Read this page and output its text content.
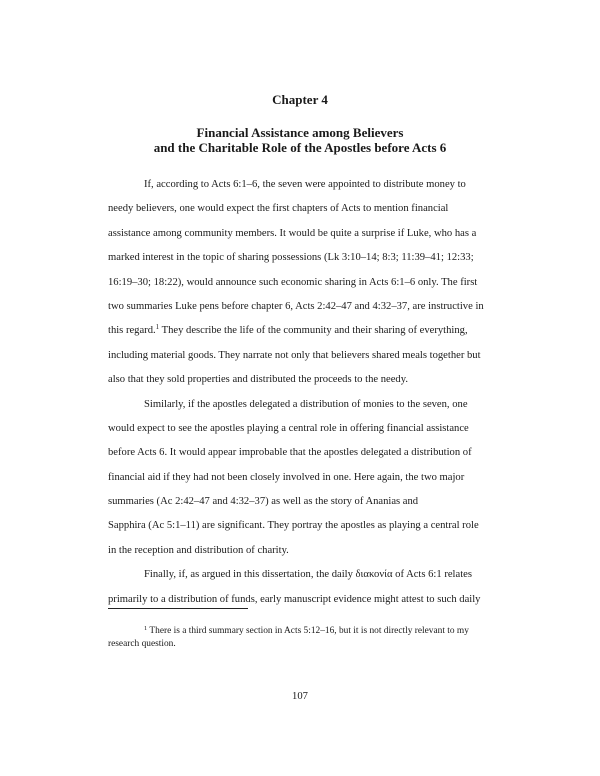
Chapter 4
Financial Assistance among Believers
and the Charitable Role of the Apostles before Acts 6
If, according to Acts 6:1–6, the seven were appointed to distribute money to
needy believers, one would expect the first chapters of Acts to mention financial
assistance among community members. It would be quite a surprise if Luke, who has a
marked interest in the topic of sharing possessions (Lk 3:10–14; 8:3; 11:39–41; 12:33;
16:19–30; 18:22), would announce such economic sharing in Acts 6:1–6 only. The first
two summaries Luke pens before chapter 6, Acts 2:42–47 and 4:32–37, are instructive in
this regard.$^1$ They describe the life of the community and their sharing of everything,
including material goods. They narrate not only that believers shared meals together but
also that they sold properties and distributed the proceeds to the needy.
Similarly, if the apostles delegated a distribution of monies to the seven, one
would expect to see the apostles playing a central role in offering financial assistance
before Acts 6. It would appear improbable that the apostles delegated a distribution of
financial aid if they had not been closely involved in one. Here again, the two major
summaries (Ac 2:42–47 and 4:32–37) as well as the story of Ananias and
Sapphira (Ac 5:1–11) are significant. They portray the apostles as playing a central role
in the reception and distribution of charity.
Finally, if, as argued in this dissertation, the daily διακονία of Acts 6:1 relates
primarily to a distribution of funds, early manuscript evidence might attest to such daily
$^1$ There is a third summary section in Acts 5:12–16, but it is not directly relevant to my
research question.
107
